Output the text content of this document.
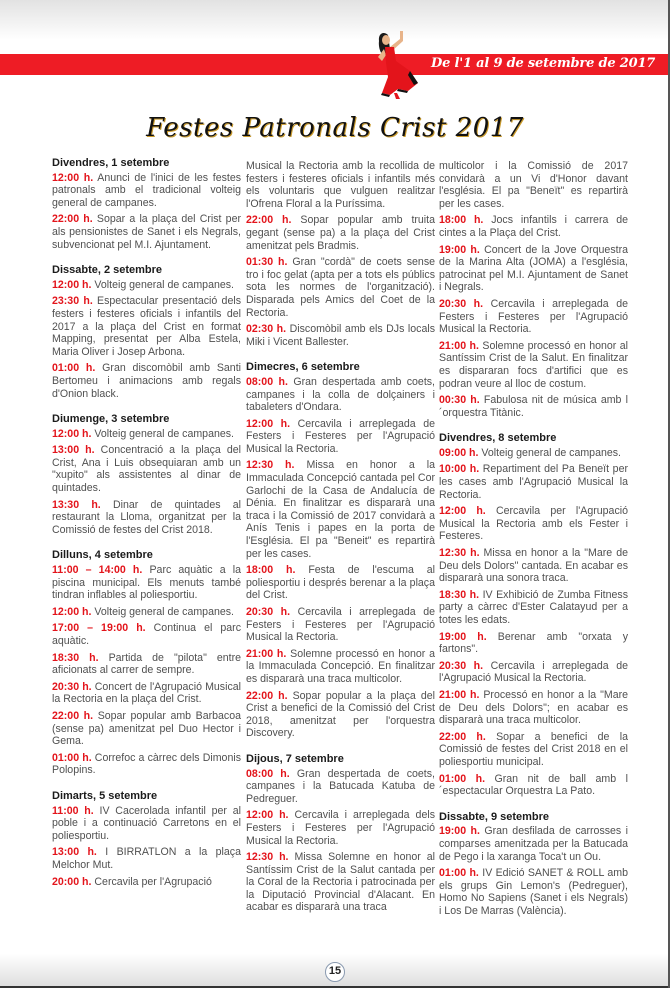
De l'1 al 9 de setembre de 2017
Festes Patronals Crist 2017
Divendres, 1 setembre
12:00 h. Anunci de l'inici de les festes patronals amb el tradicional volteig general de campanes.
22:00 h. Sopar a la plaça del Crist per als pensionistes de Sanet i els Negrals, subvencionat pel M.I. Ajuntament.
Dissabte, 2 setembre
12:00 h. Volteig general de campanes.
23:30 h. Espectacular presentació dels festers i festeres oficials i infantils del 2017 a la plaça del Crist en format Mapping, presentat per Alba Estela, Maria Oliver i Josep Arbona.
01:00 h. Gran discomòbil amb Santi Bertomeu i animacions amb regals d'Onion black.
Diumenge, 3 setembre
12:00 h. Volteig general de campanes.
13:00 h. Concentració a la plaça del Crist, Ana i Luis obsequiaran amb un "xupito" als assistentes al dinar de quintades.
13:30 h. Dinar de quintades al restaurant la Lloma, organitzat per la Comissió de festes del Crist 2018.
Dilluns, 4 setembre
11:00 – 14:00 h. Parc aquàtic a la piscina municipal. Els menuts també tindran inflables al poliesportiu.
12:00 h. Volteig general de campanes.
17:00 – 19:00 h. Continua el parc aquàtic.
18:30 h. Partida de "pilota" entre aficionats al carrer de sempre.
20:30 h. Concert de l'Agrupació Musical la Rectoria en la plaça del Crist.
22:00 h. Sopar popular amb Barbacoa (sense pa) amenitzat pel Duo Hector i Gema.
01:00 h. Correfoc a càrrec dels Dimonis Polopins.
Dimarts, 5 setembre
11:00 h. IV Cacerolada infantil per al poble i a continuació Carretons en el poliesportiu.
13:00 h. I BIRRATLON a la plaça Melchor Mut.
20:00 h. Cercavila per l'Agrupació
Musical la Rectoria amb la recollida de festers i festeres oficials i infantils més els voluntaris que vulguen realitzar l'Ofrena Floral a la Puríssima.
22:00 h. Sopar popular amb truita gegant (sense pa) a la plaça del Crist amenitzat pels Bradmis.
01:30 h. Gran "cordà" de coets sense tro i foc gelat (apta per a tots els públics sota les normes de l'organització). Disparada pels Amics del Coet de la Rectoria.
02:30 h. Discomòbil amb els DJs locals Miki i Vicent Ballester.
Dimecres, 6 setembre
08:00 h. Gran despertada amb coets, campanes i la colla de dolçainers i tabaleters d'Ondara.
12:00 h. Cercavila i arreplegada de Festers i Festeres per l'Agrupació Musical la Rectoria.
12:30 h. Missa en honor a la Immaculada Concepció cantada pel Cor Garlochi de la Casa de Andalucía de Dénia. En finalitzar es dispararà una traca i la Comissió de 2017 convidarà a Anís Tenis i papes en la porta de l'Església. El pa "Beneit" es repartirà per les cases.
18:00 h. Festa de l'escuma al poliesportiu i després berenar a la plaça del Crist.
20:30 h. Cercavila i arreplegada de Festers i Festeres per l'Agrupació Musical la Rectoria.
21:00 h. Solemne processó en honor a la Immaculada Concepció. En finalitzar es dispararà una traca multicolor.
22:00 h. Sopar popular a la plaça del Crist a benefici de la Comissió del Crist 2018, amenitzat per l'orquestra Discovery.
Dijous, 7 setembre
08:00 h. Gran despertada de coets, campanes i la Batucada Katuba de Pedreguer.
12:00 h. Cercavila i arreplegada dels Festers i Festeres per l'Agrupació Musical la Rectoria.
12:30 h. Missa Solemne en honor al Santíssim Crist de la Salut cantada per la Coral de la Rectoria i patrocinada per la Diputació Provincial d'Alacant. En acabar es dispararà una traca
multicolor i la Comissió de 2017 convidarà a un Vi d'Honor davant l'església. El pa "Beneït" es repartirà per les cases.
18:00 h. Jocs infantils i carrera de cintes a la Plaça del Crist.
19:00 h. Concert de la Jove Orquestra de la Marina Alta (JOMA) a l'església, patrocinat pel M.I. Ajuntament de Sanet i Negrals.
20:30 h. Cercavila i arreplegada de Festers i Festeres per l'Agrupació Musical la Rectoria.
21:00 h. Solemne processó en honor al Santíssim Crist de la Salut. En finalitzar es dispararan focs d'artifici que es podran veure al lloc de costum.
00:30 h. Fabulosa nit de música amb l´orquestra Titànic.
Divendres, 8 setembre
09:00 h. Volteig general de campanes.
10:00 h. Repartiment del Pa Beneït per les cases amb l'Agrupació Musical la Rectoria.
12:00 h. Cercavila per l'Agrupació Musical la Rectoria amb els Fester i Festeres.
12:30 h. Missa en honor a la "Mare de Deu dels Dolors" cantada. En acabar es dispararà una sonora traca.
18:30 h. IV Exhibició de Zumba Fitness party a càrrec d'Ester Calatayud per a totes les edats.
19:00 h. Berenar amb "orxata y fartons".
20:30 h. Cercavila i arreplegada de l'Agrupació Musical la Rectoria.
21:00 h. Processó en honor a la "Mare de Deu dels Dolors"; en acabar es dispararà una traca multicolor.
22:00 h. Sopar a benefici de la Comissió de festes del Crist 2018 en el poliesportiu municipal.
01:00 h. Gran nit de ball amb l´espectacular Orquestra La Pato.
Dissabte, 9 setembre
19:00 h. Gran desfilada de carrosses i comparses amenitzada per la Batucada de Pego i la xaranga Toca't un Ou.
01:00 h. IV Edició SANET & ROLL amb els grups Gin Lemon's (Pedreguer), Homo No Sapiens (Sanet i els Negrals) i Los De Marras (València).
15
